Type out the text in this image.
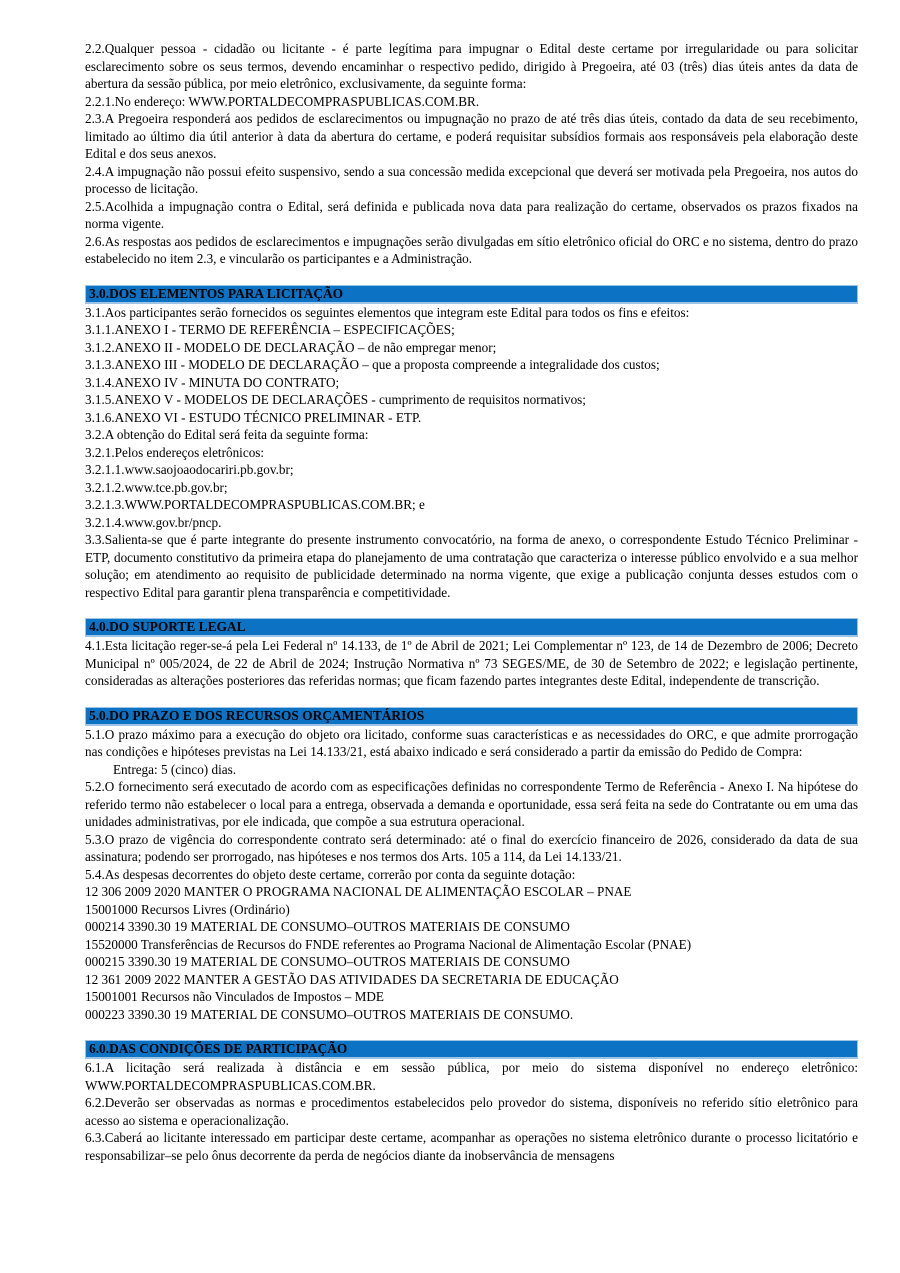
2.2.Qualquer pessoa - cidadão ou licitante - é parte legítima para impugnar o Edital deste certame por irregularidade ou para solicitar esclarecimento sobre os seus termos, devendo encaminhar o respectivo pedido, dirigido à Pregoeira, até 03 (três) dias úteis antes da data de abertura da sessão pública, por meio eletrônico, exclusivamente, da seguinte forma:

2.2.1.No endereço: WWW.PORTALDECOMPRASPUBLICAS.COM.BR.

2.3.A Pregoeira responderá aos pedidos de esclarecimentos ou impugnação no prazo de até três dias úteis, contado da data de seu recebimento, limitado ao último dia útil anterior à data da abertura do certame, e poderá requisitar subsídios formais aos responsáveis pela elaboração deste Edital e dos seus anexos.

2.4.A impugnação não possui efeito suspensivo, sendo a sua concessão medida excepcional que deverá ser motivada pela Pregoeira, nos autos do processo de licitação.

2.5.Acolhida a impugnação contra o Edital, será definida e publicada nova data para realização do certame, observados os prazos fixados na norma vigente.

2.6.As respostas aos pedidos de esclarecimentos e impugnações serão divulgadas em sítio eletrônico oficial do ORC e no sistema, dentro do prazo estabelecido no item 2.3, e vincularão os participantes e a Administração.

3.0.DOS ELEMENTOS PARA LICITAÇÃO

3.1.Aos participantes serão fornecidos os seguintes elementos que integram este Edital para todos os fins e efeitos:

3.1.1.ANEXO I - TERMO DE REFERÊNCIA – ESPECIFICAÇÕES;

3.1.2.ANEXO II - MODELO DE DECLARAÇÃO – de não empregar menor;

3.1.3.ANEXO III - MODELO DE DECLARAÇÃO – que a proposta compreende a integralidade dos custos;

3.1.4.ANEXO IV - MINUTA DO CONTRATO;

3.1.5.ANEXO V - MODELOS DE DECLARAÇÕES - cumprimento de requisitos normativos;

3.1.6.ANEXO VI - ESTUDO TÉCNICO PRELIMINAR - ETP.

3.2.A obtenção do Edital será feita da seguinte forma:

3.2.1.Pelos endereços eletrônicos:

3.2.1.1.www.saojoaodocariri.pb.gov.br;

3.2.1.2.www.tce.pb.gov.br;

3.2.1.3.WWW.PORTALDECOMPRASPUBLICAS.COM.BR; e

3.2.1.4.www.gov.br/pncp.

3.3.Salienta-se que é parte integrante do presente instrumento convocatório, na forma de anexo, o correspondente Estudo Técnico Preliminar - ETP, documento constitutivo da primeira etapa do planejamento de uma contratação que caracteriza o interesse público envolvido e a sua melhor solução; em atendimento ao requisito de publicidade determinado na norma vigente, que exige a publicação conjunta desses estudos com o respectivo Edital para garantir plena transparência e competitividade.

4.0.DO SUPORTE LEGAL

4.1.Esta licitação reger-se-á pela Lei Federal nº 14.133, de 1º de Abril de 2021; Lei Complementar nº 123, de 14 de Dezembro de 2006; Decreto Municipal nº 005/2024, de 22 de Abril de 2024; Instrução Normativa nº 73 SEGES/ME, de 30 de Setembro de 2022; e legislação pertinente, consideradas as alterações posteriores das referidas normas; que ficam fazendo partes integrantes deste Edital, independente de transcrição.

5.0.DO PRAZO E DOS RECURSOS ORÇAMENTÁRIOS

5.1.O prazo máximo para a execução do objeto ora licitado, conforme suas características e as necessidades do ORC, e que admite prorrogação nas condições e hipóteses previstas na Lei 14.133/21, está abaixo indicado e será considerado a partir da emissão do Pedido de Compra:

Entrega: 5 (cinco) dias.

5.2.O fornecimento será executado de acordo com as especificações definidas no correspondente Termo de Referência - Anexo I. Na hipótese do referido termo não estabelecer o local para a entrega, observada a demanda e oportunidade, essa será feita na sede do Contratante ou em uma das unidades administrativas, por ele indicada, que compõe a sua estrutura operacional.

5.3.O prazo de vigência do correspondente contrato será determinado: até o final do exercício financeiro de 2026, considerado da data de sua assinatura; podendo ser prorrogado, nas hipóteses e nos termos dos Arts. 105 a 114, da Lei 14.133/21.

5.4.As despesas decorrentes do objeto deste certame, correrão por conta da seguinte dotação:

12 306 2009 2020 MANTER O PROGRAMA NACIONAL DE ALIMENTAÇÃO ESCOLAR – PNAE

15001000 Recursos Livres (Ordinário)

000214 3390.30 19 MATERIAL DE CONSUMO–OUTROS MATERIAIS DE CONSUMO

15520000 Transferências de Recursos do FNDE referentes ao Programa Nacional de Alimentação Escolar (PNAE)

000215 3390.30 19 MATERIAL DE CONSUMO–OUTROS MATERIAIS DE CONSUMO

12 361 2009 2022 MANTER A GESTÃO DAS ATIVIDADES DA SECRETARIA DE EDUCAÇÃO

15001001 Recursos não Vinculados de Impostos – MDE

000223 3390.30 19 MATERIAL DE CONSUMO–OUTROS MATERIAIS DE CONSUMO.

6.0.DAS CONDIÇÕES DE PARTICIPAÇÃO

6.1.A licitação será realizada à distância e em sessão pública, por meio do sistema disponível no endereço eletrônico: WWW.PORTALDECOMPRASPUBLICAS.COM.BR.

6.2.Deverão ser observadas as normas e procedimentos estabelecidos pelo provedor do sistema, disponíveis no referido sítio eletrônico para acesso ao sistema e operacionalização.

6.3.Caberá ao licitante interessado em participar deste certame, acompanhar as operações no sistema eletrônico durante o processo licitatório e responsabilizar–se pelo ônus decorrente da perda de negócios diante da inobservância de mensagens
